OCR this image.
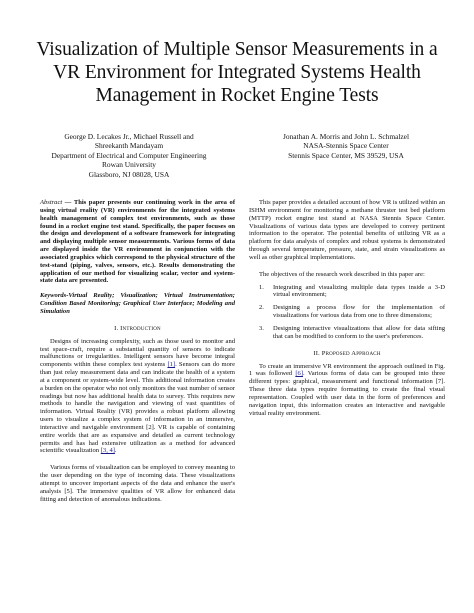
Visualization of Multiple Sensor Measurements in a VR Environment for Integrated Systems Health Management in Rocket Engine Tests
George D. Lecakes Jr., Michael Russell and
Shreekanth Mandayam
Department of Electrical and Computer Engineering
Rowan University
Glassboro, NJ 08028, USA
Jonathan A. Morris and John L. Schmalzel
NASA-Stennis Space Center
Stennis Space Center, MS 39529, USA

Abstract — This paper presents our continuing work in the area of using virtual reality (VR) environments for the integrated systems health management of complex test environments, such as those found in a rocket engine test stand. Specifically, the paper focuses on the design and development of a software framework for integrating and displaying multiple sensor measurements. Various forms of data are displayed inside the VR environment in conjunction with the associated graphics which correspond to the physical structure of the test-stand (piping, valves, sensors, etc.). Results demonstrating the application of our method for visualizing scalar, vector and system-state data are presented.

Keywords-Virtual Reality; Visualization; Virtual Instrumentation; Condition Based Monitoring; Graphical User Interface; Modeling and Simulation

I. Introduction

Designs of increasing complexity, such as those used to monitor and test space-craft, require a substantial quantity of sensors to indicate malfunctions or irregularities. Intelligent sensors have become integral components within these complex test systems [1]. Sensors can do more than just relay measurement data and can indicate the health of a system at a component or system-wide level. This additional information creates a burden on the operator who not only monitors the vast number of sensor readings but now has additional health data to survey. This requires new methods to handle the navigation and viewing of vast quantities of information. Virtual Reality (VR) provides a robust platform allowing users to visualize a complex system of information in an immersive, interactive and navigable environment [2]. VR is capable of containing entire worlds that are as expansive and detailed as current technology permits and has had extensive utilization as a method for advanced scientific visualization [3, 4].

Various forms of visualization can be employed to convey meaning to the user depending on the type of incoming data. These visualizations attempt to uncover important aspects of the data and enhance the user's analysis [5]. The immersive qualities of VR allow for enhanced data fitting and detection of anomalous indications.

This paper provides a detailed account of how VR is utilized within an ISHM environment for monitoring a methane thruster test bed platform (MTTP) rocket engine test stand at NASA Stennis Space Center. Visualizations of various data types are developed to convey pertinent information to the operator. The potential benefits of utilizing VR as a platform for data analysis of complex and robust systems is demonstrated through several temperature, pressure, state, and strain visualizations as well as other graphical implementations.

The objectives of the research work described in this paper are:

1. Integrating and visualizing multiple data types inside a 3-D virtual environment;
2. Designing a process flow for the implementation of visualizations for various data from one to three dimensions;
3. Designing interactive visualizations that allow for data sifting that can be modified to conform to the user's preferences.

II. Proposed Approach

To create an immersive VR environment the approach outlined in Fig. 1 was followed [6]. Various forms of data can be grouped into three different types: graphical, measurement and functional information [7]. These three data types require formatting to create the final visual representation. Coupled with user data in the form of preferences and navigation input, this information creates an interactive and navigable virtual reality environment.
